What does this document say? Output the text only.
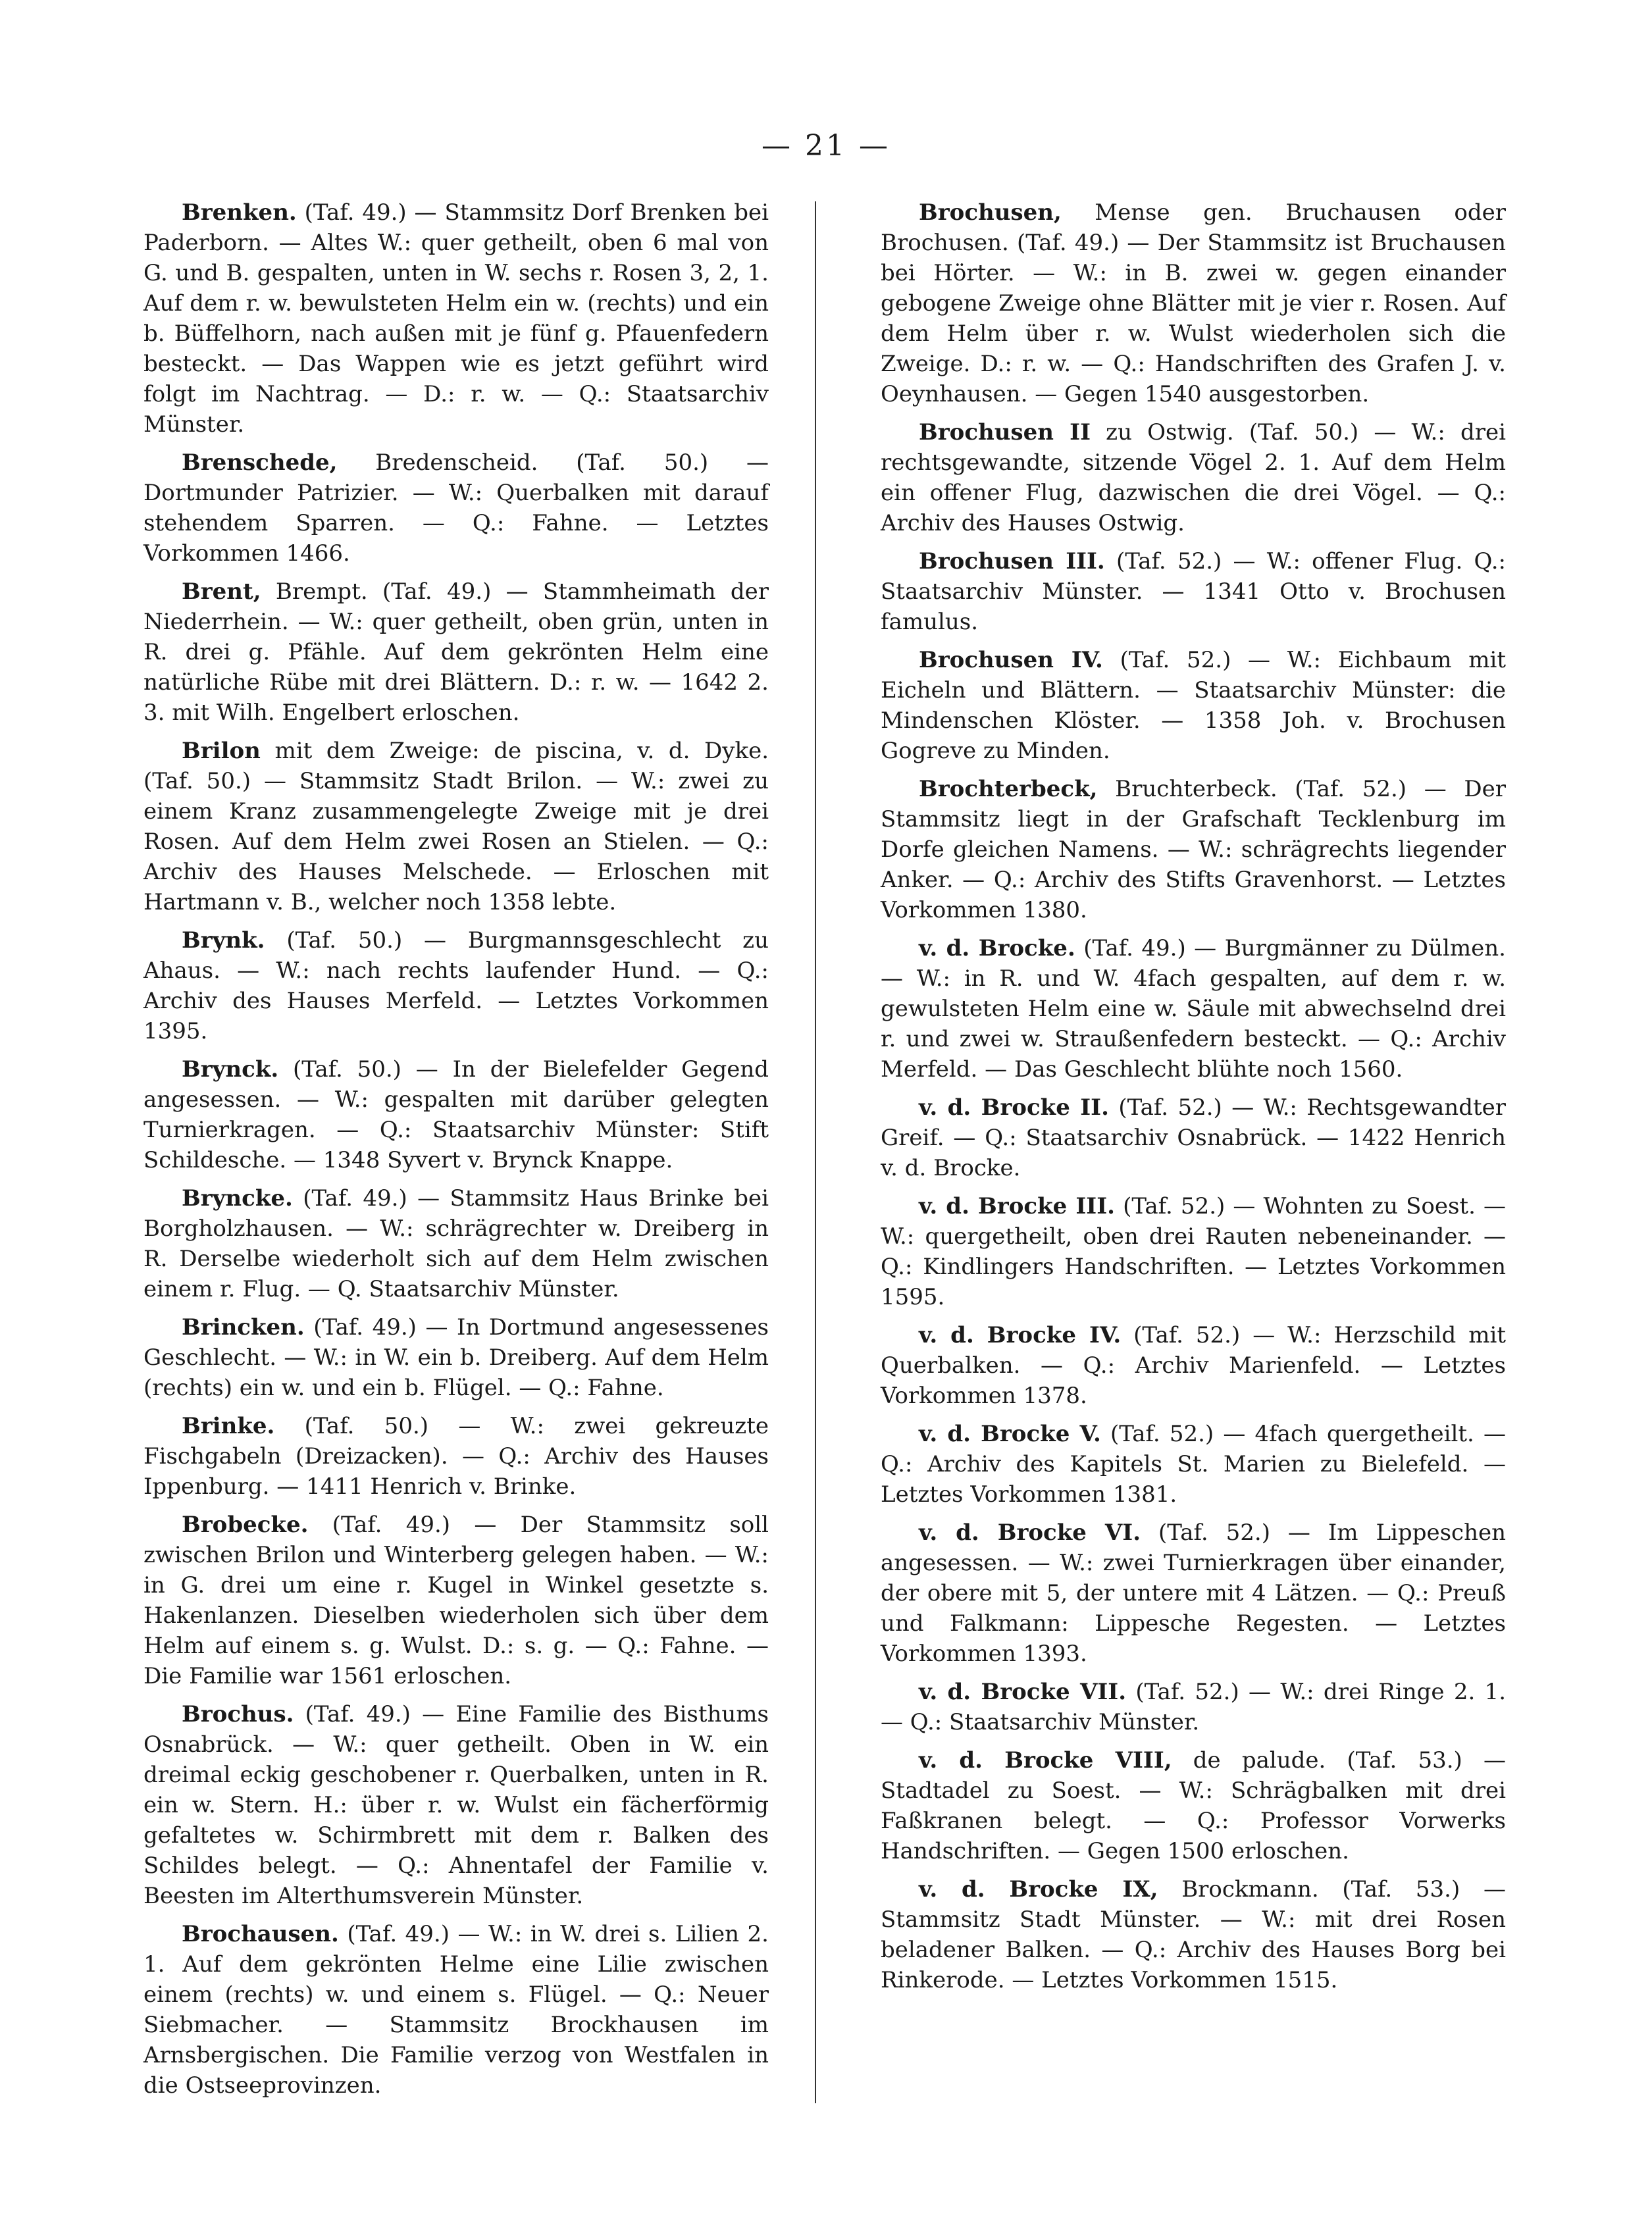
— 21 —

Brenken. (Taf. 49.) — Stammsitz Dorf Brenken bei Paderborn. — Altes W.: quer getheilt, oben 6 mal von G. und B. gespalten, unten in W. sechs r. Rosen 3, 2, 1. Auf dem r. w. bewulsteten Helm ein w. (rechts) und ein b. Büffelhorn, nach außen mit je fünf g. Pfauenfedern besteckt. — Das Wappen wie es jetzt geführt wird folgt im Nachtrag. — D.: r. w. — Q.: Staatsarchiv Münster.

Brenschede, Bredenscheid. (Taf. 50.) — Dortmunder Patrizier. — W.: Querbalken mit darauf stehendem Sparren. — Q.: Fahne. — Letztes Vorkommen 1466.

Brent, Brempt. (Taf. 49.) — Stammheimath der Niederrhein. — W.: quer getheilt, oben grün, unten in R. drei g. Pfähle. Auf dem gekrönten Helm eine natürliche Rübe mit drei Blättern. D.: r. w. — 1642 2. 3. mit Wilh. Engelbert erloschen.

Brilon mit dem Zweige: de piscina, v. d. Dyke. (Taf. 50.) — Stammsitz Stadt Brilon. — W.: zwei zu einem Kranz zusammengelegte Zweige mit je drei Rosen. Auf dem Helm zwei Rosen an Stielen. — Q.: Archiv des Hauses Melschede. — Erloschen mit Hartmann v. B., welcher noch 1358 lebte.

Brynk. (Taf. 50.) — Burgmannsgeschlecht zu Ahaus. — W.: nach rechts laufender Hund. — Q.: Archiv des Hauses Merfeld. — Letztes Vorkommen 1395.

Brynck. (Taf. 50.) — In der Bielefelder Gegend angesessen. — W.: gespalten mit darüber gelegten Turnierkragen. — Q.: Staatsarchiv Münster: Stift Schildesche. — 1348 Syvert v. Brynck Knappe.

Bryncke. (Taf. 49.) — Stammsitz Haus Brinke bei Borgholzhausen. — W.: schrägrechter w. Dreiberg in R. Derselbe wiederholt sich auf dem Helm zwischen einem r. Flug. — Q. Staatsarchiv Münster.

Brincken. (Taf. 49.) — In Dortmund angesessenes Geschlecht. — W.: in W. ein b. Dreiberg. Auf dem Helm (rechts) ein w. und ein b. Flügel. — Q.: Fahne.

Brinke. (Taf. 50.) — W.: zwei gekreuzte Fischgabeln (Dreizacken). — Q.: Archiv des Hauses Ippenburg. — 1411 Henrich v. Brinke.

Brobecke. (Taf. 49.) — Der Stammsitz soll zwischen Brilon und Winterberg gelegen haben. — W.: in G. drei um eine r. Kugel in Winkel gesetzte s. Hakenlanzen. Dieselben wiederholen sich über dem Helm auf einem s. g. Wulst. D.: s. g. — Q.: Fahne. — Die Familie war 1561 erloschen.

Brochus. (Taf. 49.) — Eine Familie des Bisthums Osnabrück. — W.: quer getheilt. Oben in W. ein dreimal eckig geschobener r. Querbalken, unten in R. ein w. Stern. H.: über r. w. Wulst ein fächerförmig gefaltetes w. Schirmbrett mit dem r. Balken des Schildes belegt. — Q.: Ahnentafel der Familie v. Beesten im Alterthumsverein Münster.

Brochausen. (Taf. 49.) — W.: in W. drei s. Lilien 2. 1. Auf dem gekrönten Helme eine Lilie zwischen einem (rechts) w. und einem s. Flügel. — Q.: Neuer Siebmacher. — Stammsitz Brockhausen im Arnsbergischen. Die Familie verzog von Westfalen in die Ostseeprovinzen.

Brochusen, Mense gen. Bruchausen oder Brochusen. (Taf. 49.) — Der Stammsitz ist Bruchausen bei Hörter. — W.: in B. zwei w. gegen einander gebogene Zweige ohne Blätter mit je vier r. Rosen. Auf dem Helm über r. w. Wulst wiederholen sich die Zweige. D.: r. w. — Q.: Handschriften des Grafen J. v. Oeynhausen. — Gegen 1540 ausgestorben.

Brochusen II zu Ostwig. (Taf. 50.) — W.: drei rechtsgewandte, sitzende Vögel 2. 1. Auf dem Helm ein offener Flug, dazwischen die drei Vögel. — Q.: Archiv des Hauses Ostwig.

Brochusen III. (Taf. 52.) — W.: offener Flug. Q.: Staatsarchiv Münster. — 1341 Otto v. Brochusen famulus.

Brochusen IV. (Taf. 52.) — W.: Eichbaum mit Eicheln und Blättern. — Staatsarchiv Münster: die Mindenschen Klöster. — 1358 Joh. v. Brochusen Gogreve zu Minden.

Brochterbeck, Bruchterbeck. (Taf. 52.) — Der Stammsitz liegt in der Grafschaft Tecklenburg im Dorfe gleichen Namens. — W.: schrägrechts liegender Anker. — Q.: Archiv des Stifts Gravenhorst. — Letztes Vorkommen 1380.

v. d. Brocke. (Taf. 49.) — Burgmänner zu Dülmen. — W.: in R. und W. 4fach gespalten, auf dem r. w. gewulsteten Helm eine w. Säule mit abwechselnd drei r. und zwei w. Straußenfedern besteckt. — Q.: Archiv Merfeld. — Das Geschlecht blühte noch 1560.

v. d. Brocke II. (Taf. 52.) — W.: Rechtsgewandter Greif. — Q.: Staatsarchiv Osnabrück. — 1422 Henrich v. d. Brocke.

v. d. Brocke III. (Taf. 52.) — Wohnten zu Soest. — W.: quergetheilt, oben drei Rauten nebeneinander. — Q.: Kindlingers Handschriften. — Letztes Vorkommen 1595.

v. d. Brocke IV. (Taf. 52.) — W.: Herzschild mit Querbalken. — Q.: Archiv Marienfeld. — Letztes Vorkommen 1378.

v. d. Brocke V. (Taf. 52.) — 4fach quergetheilt. — Q.: Archiv des Kapitels St. Marien zu Bielefeld. — Letztes Vorkommen 1381.

v. d. Brocke VI. (Taf. 52.) — Im Lippeschen angesessen. — W.: zwei Turnierkragen über einander, der obere mit 5, der untere mit 4 Lätzen. — Q.: Preuß und Falkmann: Lippesche Regesten. — Letztes Vorkommen 1393.

v. d. Brocke VII. (Taf. 52.) — W.: drei Ringe 2. 1. — Q.: Staatsarchiv Münster.

v. d. Brocke VIII, de palude. (Taf. 53.) — Stadtadel zu Soest. — W.: Schrägbalken mit drei Faßkranen belegt. — Q.: Professor Vorwerks Handschriften. — Gegen 1500 erloschen.

v. d. Brocke IX, Brockmann. (Taf. 53.) — Stammsitz Stadt Münster. — W.: mit drei Rosen beladener Balken. — Q.: Archiv des Hauses Borg bei Rinkerode. — Letztes Vorkommen 1515.
